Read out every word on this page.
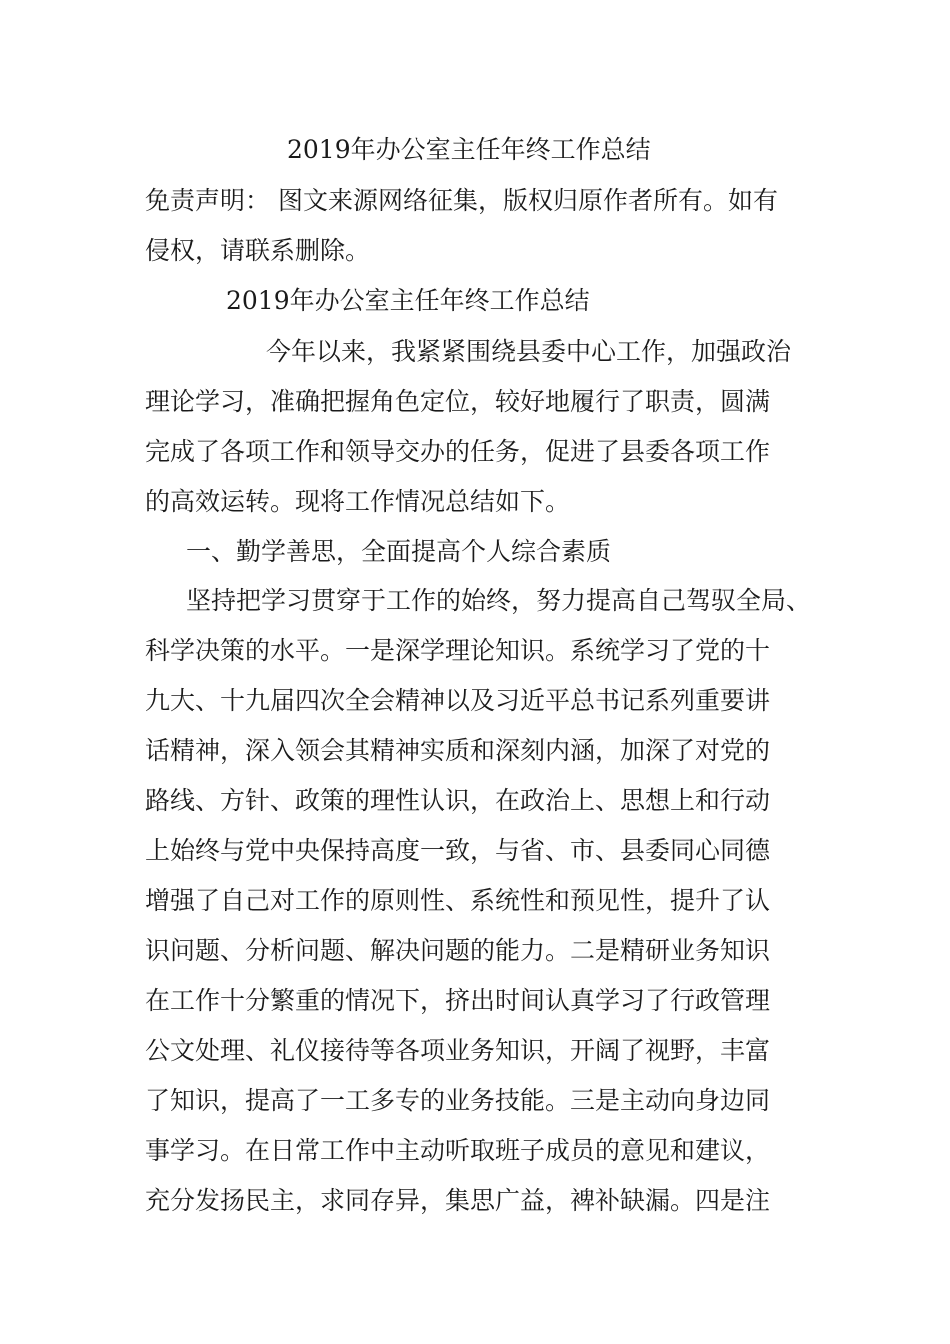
2019年办公室主任年终工作总结
免责声明： 图文来源网络征集，版权归原作者所有。如有
侵权，请联系删除。
2019年办公室主任年终工作总结
今年以来，我紧紧围绕县委中心工作，加强政治
理论学习，准确把握角色定位，较好地履行了职责，圆满
完成了各项工作和领导交办的任务，促进了县委各项工作
的高效运转。现将工作情况总结如下。
一、勤学善思，全面提高个人综合素质
坚持把学习贯穿于工作的始终，努力提高自己驾驭全局、
科学决策的水平。一是深学理论知识。系统学习了党的十
九大、十九届四次全会精神以及习近平总书记系列重要讲
话精神，深入领会其精神实质和深刻内涵，加深了对党的
路线、方针、政策的理性认识，在政治上、思想上和行动
上始终与党中央保持高度一致，与省、市、县委同心同德
增强了自己对工作的原则性、系统性和预见性，提升了认
识问题、分析问题、解决问题的能力。二是精研业务知识
在工作十分繁重的情况下，挤出时间认真学习了行政管理
公文处理、礼仪接待等各项业务知识，开阔了视野，丰富
了知识，提高了一工多专的业务技能。三是主动向身边同
事学习。在日常工作中主动听取班子成员的意见和建议，
充分发扬民主，求同存异，集思广益，裨补缺漏。四是注
